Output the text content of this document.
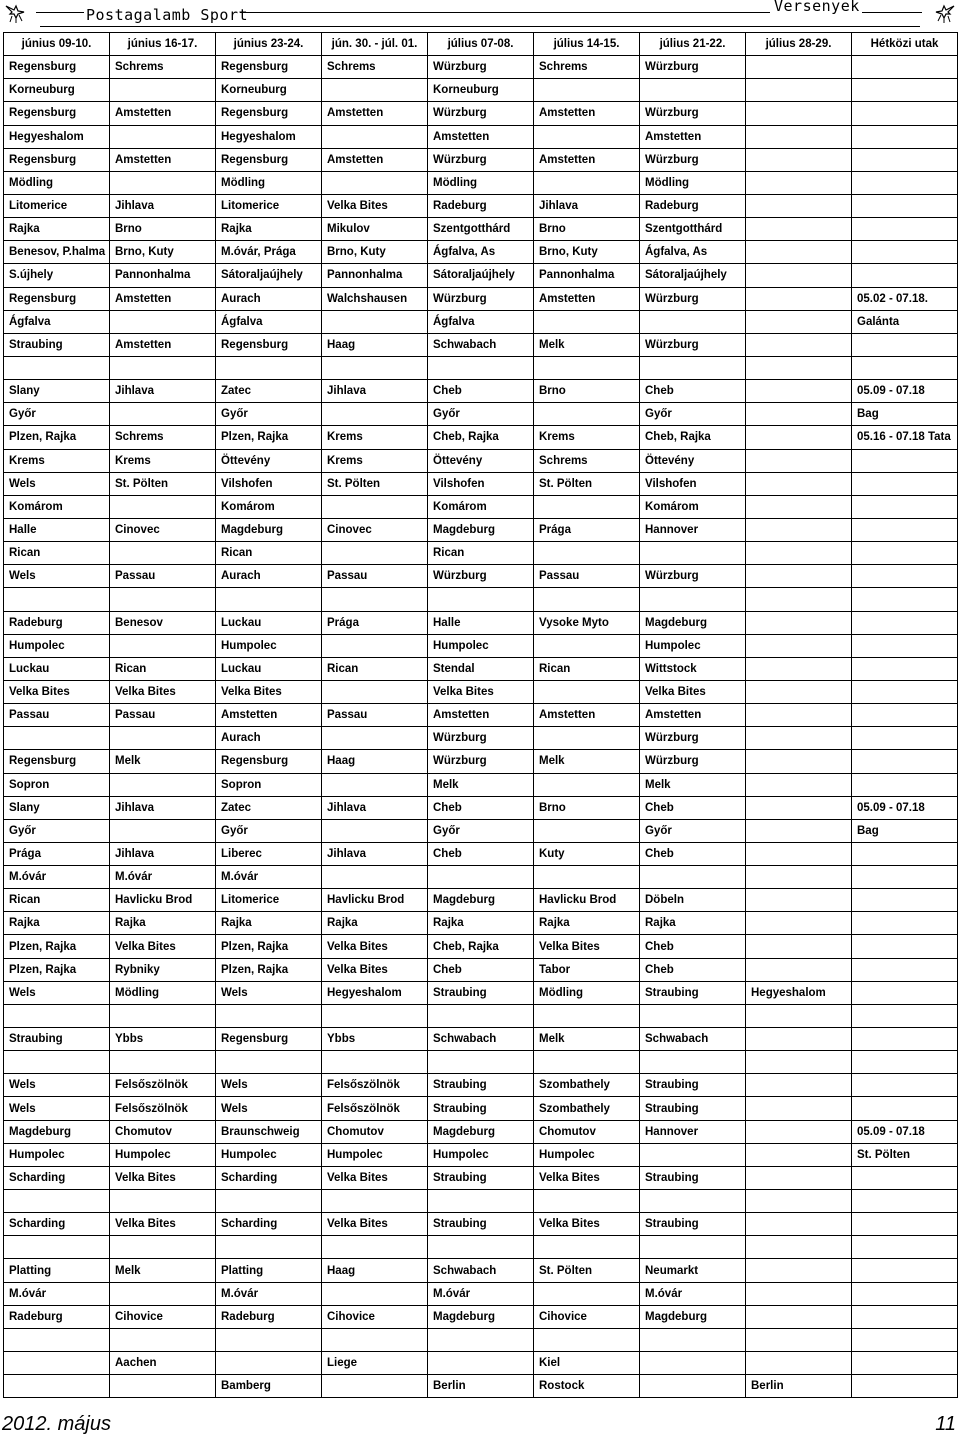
Postagalamb Sport	Versenyek
június 09-10.	június 16-17.	június 23-24.	jún. 30. - júl. 01.	július 07-08.	július 14-15.	július 21-22.	július 28-29.	Hétközi utak
Regensburg	Schrems	Regensburg	Schrems	Würzburg	Schrems	Würzburg		
Korneuburg		Korneuburg		Korneuburg				
Regensburg	Amstetten	Regensburg	Amstetten	Würzburg	Amstetten	Würzburg		
Hegyeshalom		Hegyeshalom		Amstetten		Amstetten		
Regensburg	Amstetten	Regensburg	Amstetten	Würzburg	Amstetten	Würzburg		
Mödling		Mödling		Mödling		Mödling		
Litomerice	Jihlava	Litomerice	Velka Bites	Radeburg	Jihlava	Radeburg		
Rajka	Brno	Rajka	Mikulov	Szentgotthárd	Brno	Szentgotthárd		
Benesov, P.halma	Brno, Kuty	M.óvár, Prága	Brno, Kuty	Ágfalva, As	Brno, Kuty	Ágfalva, As		
S.újhely	Pannonhalma	Sátoraljaújhely	Pannonhalma	Sátoraljaújhely	Pannonhalma	Sátoraljaújhely		
Regensburg	Amstetten	Aurach	Walchshausen	Würzburg	Amstetten	Würzburg		05.02 - 07.18.
Ágfalva		Ágfalva		Ágfalva				Galánta
Straubing	Amstetten	Regensburg	Haag	Schwabach	Melk	Würzburg		

Slany	Jihlava	Zatec	Jihlava	Cheb	Brno	Cheb		05.09 - 07.18
Győr		Győr		Győr		Győr		Bag
Plzen, Rajka	Schrems	Plzen, Rajka	Krems	Cheb, Rajka	Krems	Cheb, Rajka		05.16 - 07.18 Tata
Krems	Krems	Öttevény	Krems	Öttevény	Schrems	Öttevény		
Wels	St. Pölten	Vilshofen	St. Pölten	Vilshofen	St. Pölten	Vilshofen		
Komárom		Komárom		Komárom		Komárom		
Halle	Cinovec	Magdeburg	Cinovec	Magdeburg	Prága	Hannover		
Rican		Rican		Rican				
Wels	Passau	Aurach	Passau	Würzburg	Passau	Würzburg		

Radeburg	Benesov	Luckau	Prága	Halle	Vysoke Myto	Magdeburg		
Humpolec		Humpolec		Humpolec		Humpolec		
Luckau	Rican	Luckau	Rican	Stendal	Rican	Wittstock		
Velka Bites	Velka Bites	Velka Bites		Velka Bites		Velka Bites		
Passau	Passau	Amstetten	Passau	Amstetten	Amstetten	Amstetten		
		Aurach		Würzburg		Würzburg		
Regensburg	Melk	Regensburg	Haag	Würzburg	Melk	Würzburg		
Sopron		Sopron		Melk		Melk		
Slany	Jihlava	Zatec	Jihlava	Cheb	Brno	Cheb		05.09 - 07.18
Győr		Győr		Győr		Győr		Bag
Prága	Jihlava	Liberec	Jihlava	Cheb	Kuty	Cheb		
M.óvár	M.óvár	M.óvár						
Rican	Havlicku Brod	Litomerice	Havlicku Brod	Magdeburg	Havlicku Brod	Döbeln		
Rajka	Rajka	Rajka	Rajka	Rajka	Rajka	Rajka		
Plzen, Rajka	Velka Bites	Plzen, Rajka	Velka Bites	Cheb, Rajka	Velka Bites	Cheb		
Plzen, Rajka	Rybniky	Plzen, Rajka	Velka Bites	Cheb	Tabor	Cheb		
Wels	Mödling	Wels	Hegyeshalom	Straubing	Mödling	Straubing	Hegyeshalom	

Straubing	Ybbs	Regensburg	Ybbs	Schwabach	Melk	Schwabach		

Wels	Felsőszölnök	Wels	Felsőszölnök	Straubing	Szombathely	Straubing		
Wels	Felsőszölnök	Wels	Felsőszölnök	Straubing	Szombathely	Straubing		
Magdeburg	Chomutov	Braunschweig	Chomutov	Magdeburg	Chomutov	Hannover		05.09 - 07.18
Humpolec	Humpolec	Humpolec	Humpolec	Humpolec	Humpolec			St. Pölten
Scharding	Velka Bites	Scharding	Velka Bites	Straubing	Velka Bites	Straubing		

Scharding	Velka Bites	Scharding	Velka Bites	Straubing	Velka Bites	Straubing		

Platting	Melk	Platting	Haag	Schwabach	St. Pölten	Neumarkt		
M.óvár		M.óvár		M.óvár		M.óvár		
Radeburg	Cihovice	Radeburg	Cihovice	Magdeburg	Cihovice	Magdeburg		

	Aachen		Liege		Kiel			
		Bamberg		Berlin	Rostock		Berlin	
2012. május	11
